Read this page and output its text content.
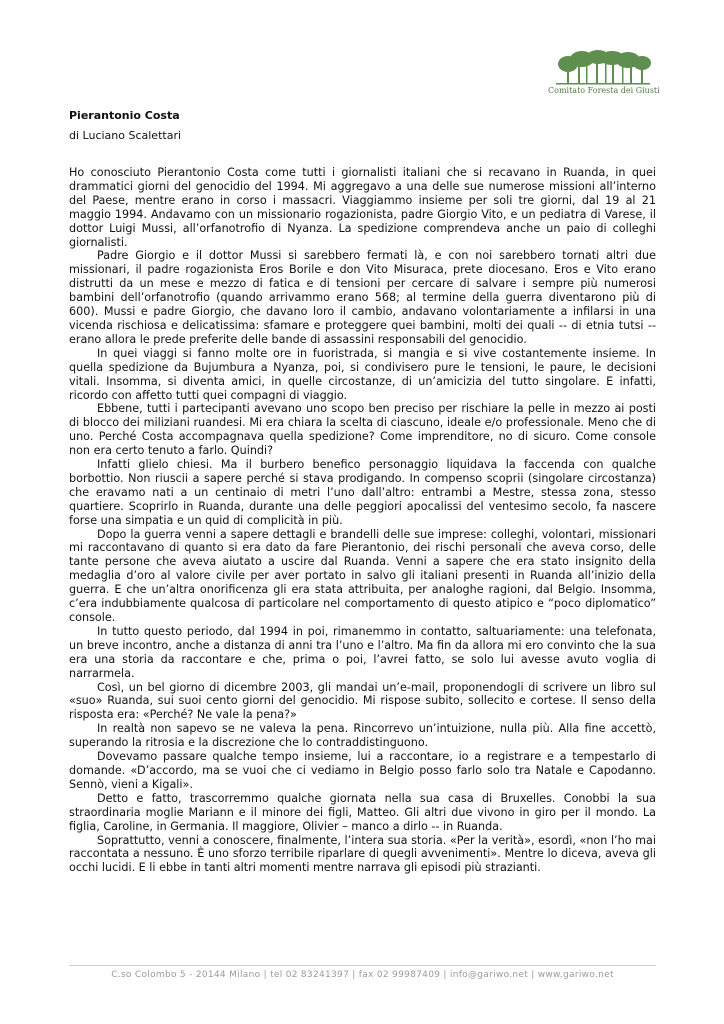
Comitato Foresta dei Giusti
Pierantonio Costa
di Luciano Scalettari

Ho conosciuto Pierantonio Costa come tutti i giornalisti italiani che si recavano in Ruanda, in quei drammatici giorni del genocidio del 1994. Mi aggregavo a una delle sue numerose missioni all’interno del Paese, mentre erano in corso i massacri. Viaggiammo insieme per soli tre giorni, dal 19 al 21 maggio 1994. Andavamo con un missionario rogazionista, padre Giorgio Vito, e un pediatra di Varese, il dottor Luigi Mussi, all’orfanotrofio di Nyanza. La spedizione comprendeva anche un paio di colleghi giornalisti.

Padre Giorgio e il dottor Mussi si sarebbero fermati là, e con noi sarebbero tornati altri due missionari, il padre rogazionista Eros Borile e don Vito Misuraca, prete diocesano. Eros e Vito erano distrutti da un mese e mezzo di fatica e di tensioni per cercare di salvare i sempre più numerosi bambini dell’orfanotrofio (quando arrivammo erano 568; al termine della guerra diventarono più di 600). Mussi e padre Giorgio, che davano loro il cambio, andavano volontariamente a infilarsi in una vicenda rischiosa e delicatissima: sfamare e proteggere quei bambini, molti dei quali -- di etnia tutsi -- erano allora le prede preferite delle bande di assassini responsabili del genocidio.

In quei viaggi si fanno molte ore in fuoristrada, si mangia e si vive costantemente insieme. In quella spedizione da Bujumbura a Nyanza, poi, si condivisero pure le tensioni, le paure, le decisioni vitali. Insomma, si diventa amici, in quelle circostanze, di un’amicizia del tutto singolare. E infatti, ricordo con affetto tutti quei compagni di viaggio.

Ebbene, tutti i partecipanti avevano uno scopo ben preciso per rischiare la pelle in mezzo ai posti di blocco dei miliziani ruandesi. Mi era chiara la scelta di ciascuno, ideale e/o professionale. Meno che di uno. Perché Costa accompagnava quella spedizione? Come imprenditore, no di sicuro. Come console non era certo tenuto a farlo. Quindi?

Infatti glielo chiesi. Ma il burbero benefico personaggio liquidava la faccenda con qualche borbottio. Non riuscii a sapere perché si stava prodigando. In compenso scoprii (singolare circostanza) che eravamo nati a un centinaio di metri l’uno dall’altro: entrambi a Mestre, stessa zona, stesso quartiere. Scoprirlo in Ruanda, durante una delle peggiori apocalissi del ventesimo secolo, fa nascere forse una simpatia e un quid di complicità in più.

Dopo la guerra venni a sapere dettagli e brandelli delle sue imprese: colleghi, volontari, missionari mi raccontavano di quanto si era dato da fare Pierantonio, dei rischi personali che aveva corso, delle tante persone che aveva aiutato a uscire dal Ruanda. Venni a sapere che era stato insignito della medaglia d’oro al valore civile per aver portato in salvo gli italiani presenti in Ruanda all’inizio della guerra. E che un’altra onorificenza gli era stata attribuita, per analoghe ragioni, dal Belgio. Insomma, c’era indubbiamente qualcosa di particolare nel comportamento di questo atipico e “poco diplomatico” console.

In tutto questo periodo, dal 1994 in poi, rimanemmo in contatto, saltuariamente: una telefonata, un breve incontro, anche a distanza di anni tra l’uno e l’altro. Ma fin da allora mi ero convinto che la sua era una storia da raccontare e che, prima o poi, l’avrei fatto, se solo lui avesse avuto voglia di narrarmela.

Così, un bel giorno di dicembre 2003, gli mandai un’e-mail, proponendogli di scrivere un libro sul «suo» Ruanda, sui suoi cento giorni del genocidio. Mi rispose subito, sollecito e cortese. Il senso della risposta era: «Perché? Ne vale la pena?»

In realtà non sapevo se ne valeva la pena. Rincorrevo un’intuizione, nulla più. Alla fine accettò, superando la ritrosia e la discrezione che lo contraddistinguono.

Dovevamo passare qualche tempo insieme, lui a raccontare, io a registrare e a tempestarlo di domande. «D’accordo, ma se vuoi che ci vediamo in Belgio posso farlo solo tra Natale e Capodanno. Sennò, vieni a Kigali».

Detto e fatto, trascorremmo qualche giornata nella sua casa di Bruxelles. Conobbi la sua straordinaria moglie Mariann e il minore dei figli, Matteo. Gli altri due vivono in giro per il mondo. La figlia, Caroline, in Germania. Il maggiore, Olivier – manco a dirlo -- in Ruanda.

Soprattutto, venni a conoscere, finalmente, l’intera sua storia. «Per la verità», esordì, «non l’ho mai raccontata a nessuno. È uno sforzo terribile riparlare di quegli avvenimenti». Mentre lo diceva, aveva gli occhi lucidi. E li ebbe in tanti altri momenti mentre narrava gli episodi più strazianti.

C.so Colombo 5 - 20144 Milano | tel 02 83241397 | fax 02 99987409 | info@gariwo.net | www.gariwo.net
